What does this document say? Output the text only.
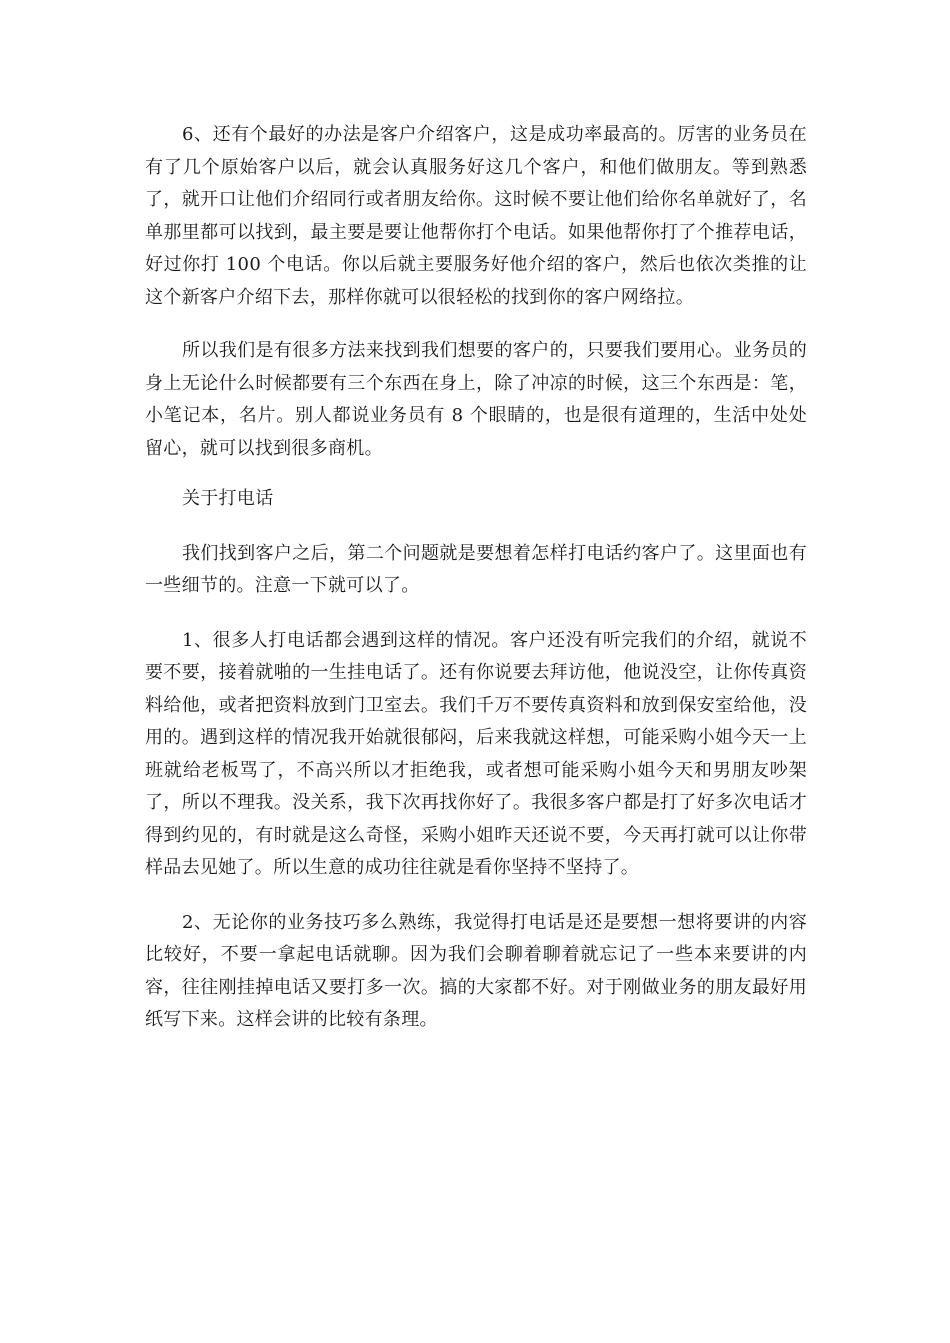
6、还有个最好的办法是客户介绍客户，这是成功率最高的。厉害的业务员在有了几个原始客户以后，就会认真服务好这几个客户，和他们做朋友。等到熟悉了，就开口让他们介绍同行或者朋友给你。这时候不要让他们给你名单就好了，名单那里都可以找到，最主要是要让他帮你打个电话。如果他帮你打了个推荐电话，好过你打 100 个电话。你以后就主要服务好他介绍的客户，然后也依次类推的让这个新客户介绍下去，那样你就可以很轻松的找到你的客户网络拉。

所以我们是有很多方法来找到我们想要的客户的，只要我们要用心。业务员的身上无论什么时候都要有三个东西在身上，除了冲凉的时候，这三个东西是：笔，小笔记本，名片。别人都说业务员有 8 个眼睛的，也是很有道理的，生活中处处留心，就可以找到很多商机。

关于打电话

我们找到客户之后，第二个问题就是要想着怎样打电话约客户了。这里面也有一些细节的。注意一下就可以了。

1、很多人打电话都会遇到这样的情况。客户还没有听完我们的介绍，就说不要不要，接着就啪的一生挂电话了。还有你说要去拜访他，他说没空，让你传真资料给他，或者把资料放到门卫室去。我们千万不要传真资料和放到保安室给他，没用的。遇到这样的情况我开始就很郁闷，后来我就这样想，可能采购小姐今天一上班就给老板骂了，不高兴所以才拒绝我，或者想可能采购小姐今天和男朋友吵架了，所以不理我。没关系，我下次再找你好了。我很多客户都是打了好多次电话才得到约见的，有时就是这么奇怪，采购小姐昨天还说不要，今天再打就可以让你带样品去见她了。所以生意的成功往往就是看你坚持不坚持了。

2、无论你的业务技巧多么熟练，我觉得打电话是还是要想一想将要讲的内容比较好，不要一拿起电话就聊。因为我们会聊着聊着就忘记了一些本来要讲的内容，往往刚挂掉电话又要打多一次。搞的大家都不好。对于刚做业务的朋友最好用纸写下来。这样会讲的比较有条理。
